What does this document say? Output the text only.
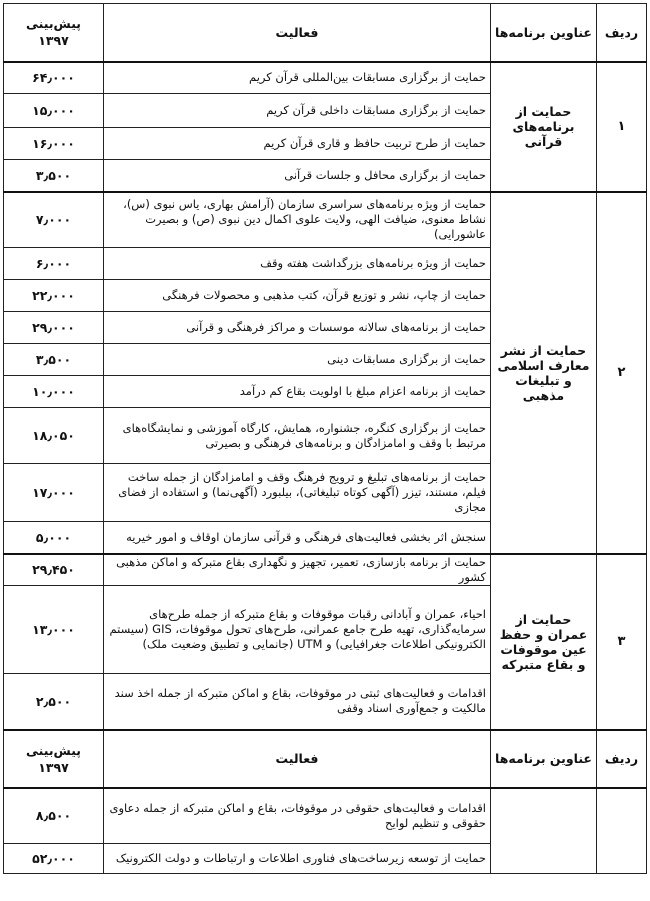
ردیف	عناوین برنامه‌ها	فعالیت	پیش‌بینی
۱۳۹۷

۱	حمایت از برنامه‌های قرآنی	حمایت از برگزاری مسابقات بین‌المللی قرآن کریم	۶۴٫۰۰۰
		حمایت از برگزاری مسابقات داخلی قرآن کریم	۱۵٫۰۰۰
		حمایت از طرح تربیت حافظ و قاری قرآن کریم	۱۶٫۰۰۰
		حمایت از برگزاری محافل و جلسات قرآنی	۳٫۵۰۰
۲	حمایت از نشر معارف اسلامی و تبلیغات مذهبی	حمایت از ویژه برنامه‌های سراسری سازمان (آرامش بهاری، یاس نبوی (س)، نشاط معنوی، ضیافت الهی، ولایت علوی اکمال دین نبوی (ص) و بصیرت عاشورایی)	۷٫۰۰۰
		حمایت از ویژه برنامه‌های بزرگداشت هفته وقف	۶٫۰۰۰
		حمایت از چاپ، نشر و توزیع قرآن، کتب مذهبی و محصولات فرهنگی	۲۲٫۰۰۰
		حمایت از برنامه‌های سالانه موسسات و مراکز فرهنگی و قرآنی	۲۹٫۰۰۰
		حمایت از برگزاری مسابقات دینی	۳٫۵۰۰
		حمایت از برنامه اعزام مبلغ با اولویت بقاع کم درآمد	۱۰٫۰۰۰
		حمایت از برگزاری کنگره، جشنواره، همایش، کارگاه آموزشی و نمایشگاه‌های مرتبط با وقف و امامزادگان و برنامه‌های فرهنگی و بصیرتی	۱۸٫۰۵۰
		حمایت از برنامه‌های تبلیغ و ترویج فرهنگ وقف و امامزادگان از جمله ساخت فیلم، مستند، تیزر (آگهی کوتاه تبلیغاتی)، بیلبورد (آگهی‌نما) و استفاده از فضای مجازی	۱۷٫۰۰۰
		سنجش اثر بخشی فعالیت‌های فرهنگی و قرآنی سازمان اوقاف و امور خیریه	۵٫۰۰۰
۳	حمایت از عمران و حفظ عین موقوفات و بقاع متبرکه	حمایت از برنامه بازسازی، تعمیر، تجهیز و نگهداری بقاع متبرکه و اماکن مذهبی کشور	۲۹٫۴۵۰
		احیاء، عمران و آبادانی رقبات موقوفات و بقاع متبرکه از جمله طرح‌های سرمایه‌گذاری، تهیه طرح جامع عمرانی، طرح‌های تحول موقوفات، GIS (سیستم الکترونیکی اطلاعات جغرافیایی) و UTM (جانمایی و تطبیق وضعیت ملک)	۱۳٫۰۰۰
		اقدامات و فعالیت‌های ثبتی در موقوفات، بقاع و اماکن متبرکه از جمله اخذ سند مالکیت و جمع‌آوری اسناد وقفی	۲٫۵۰۰
ردیف	عناوین برنامه‌ها	فعالیت	پیش‌بینی
۱۳۹۷

		اقدامات و فعالیت‌های حقوقی در موقوفات، بقاع و اماکن متبرکه از جمله دعاوی حقوقی و تنظیم لوایح	۸٫۵۰۰
		حمایت از توسعه زیرساخت‌های فناوری اطلاعات و ارتباطات و دولت الکترونیک	۵۲٫۰۰۰
